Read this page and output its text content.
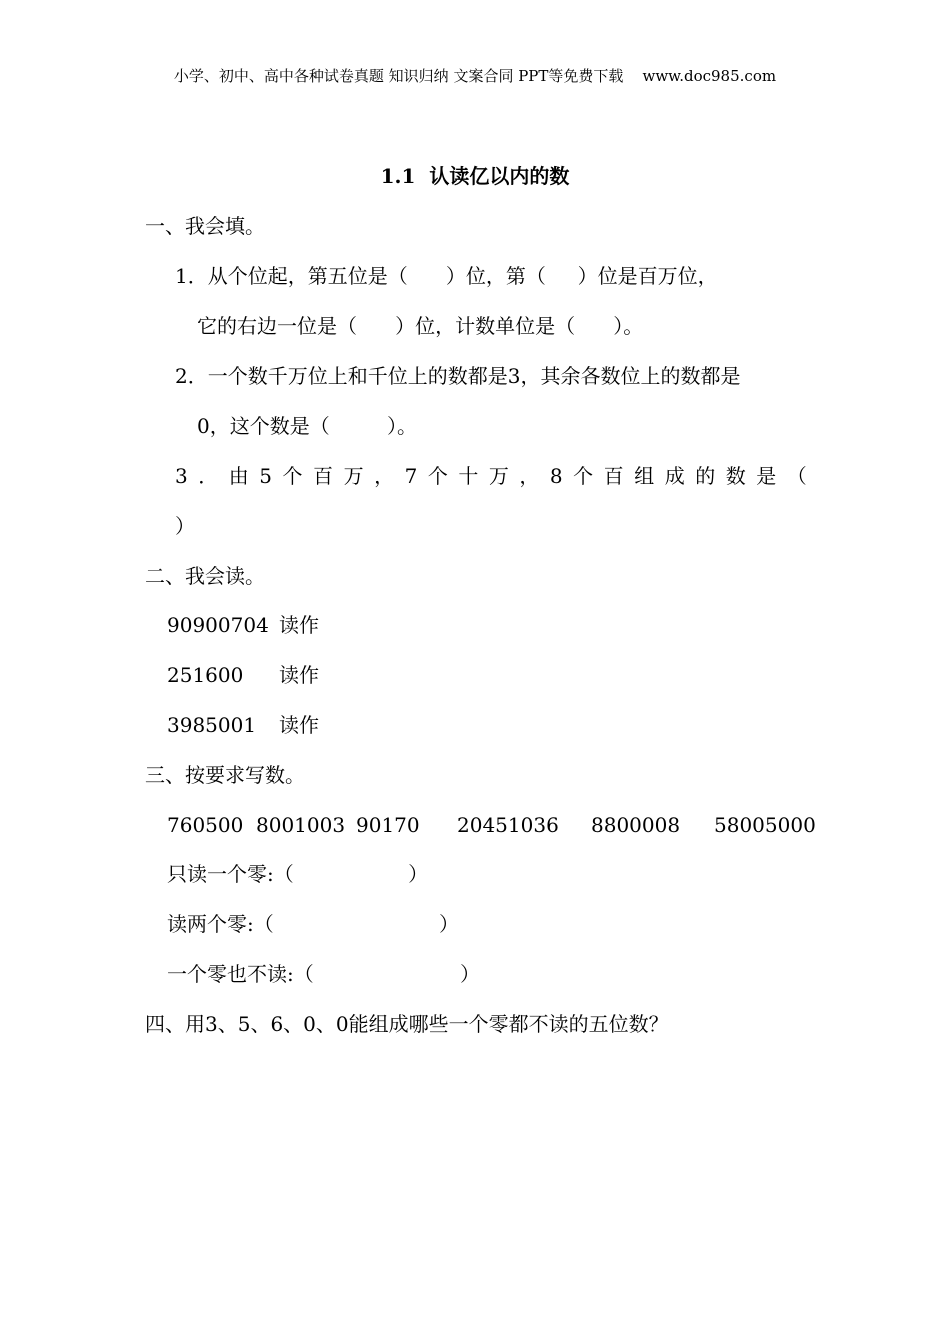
小学、初中、高中各种试卷真题 知识归纳 文案合同 PPT等免费下载    www.doc985.com
1.1  认读亿以内的数
一、我会填。
1．从个位起，第五位是（      ）位，第（     ）位是百万位，
它的右边一位是（      ）位，计数单位是（      ）。
2．一个数千万位上和千位上的数都是3，其余各数位上的数都是
0，这个数是（         ）。
3 ． 由 5 个 百 万 ， 7 个 十 万 ， 8 个 百 组 成 的 数 是 （
）
二、我会读。
90900704 读作
251600 读作
3985001 读作
三、按要求写数。
760500 8001003 90170 20451036 8800008 58005000
只读一个零:（                  ）
读两个零:（                          ）
一个零也不读:（                       ）
四、用3、5、6、0、0能组成哪些一个零都不读的五位数？
